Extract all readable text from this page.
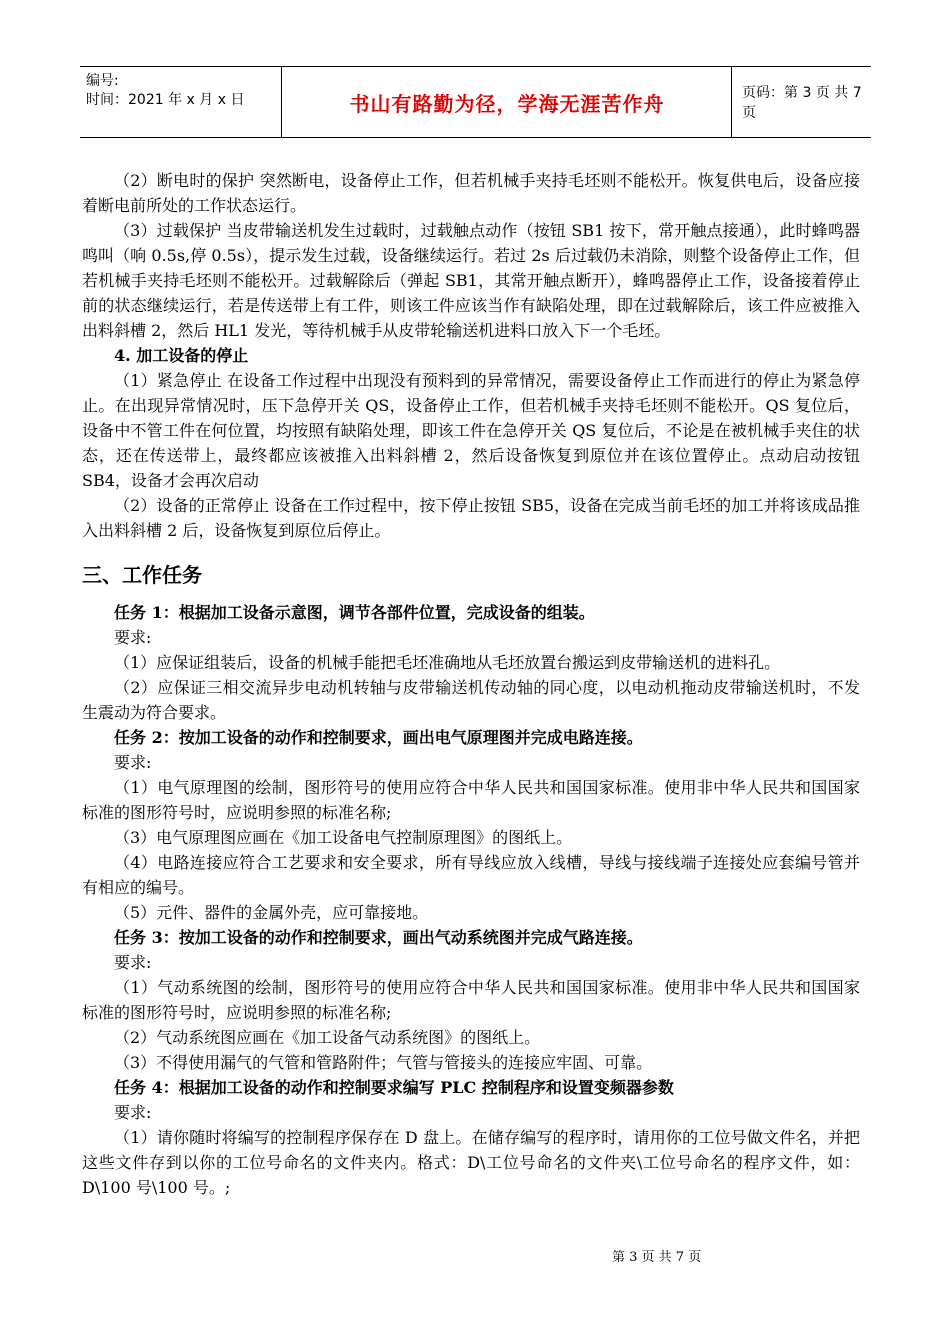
编号:
时间：2021 年 x 月 x 日	书山有路勤为径，学海无涯苦作舟	页码：第 3 页 共 7 页

（2）断电时的保护 突然断电，设备停止工作，但若机械手夹持毛坯则不能松开。恢复供电后，设备应接着断电前所处的工作状态运行。

（3）过载保护 当皮带输送机发生过载时，过载触点动作（按钮 SB1 按下，常开触点接通），此时蜂鸣器鸣叫（响 0.5s,停 0.5s），提示发生过载，设备继续运行。若过 2s 后过载仍未消除，则整个设备停止工作，但若机械手夹持毛坯则不能松开。过载解除后（弹起 SB1，其常开触点断开），蜂鸣器停止工作，设备接着停止前的状态继续运行，若是传送带上有工件，则该工件应该当作有缺陷处理，即在过载解除后，该工件应被推入出料斜槽 2，然后 HL1 发光，等待机械手从皮带轮输送机进料口放入下一个毛坯。

4. 加工设备的停止

（1）紧急停止 在设备工作过程中出现没有预料到的异常情况，需要设备停止工作而进行的停止为紧急停止。在出现异常情况时，压下急停开关 QS，设备停止工作，但若机械手夹持毛坯则不能松开。QS 复位后，设备中不管工件在何位置，均按照有缺陷处理，即该工件在急停开关 QS 复位后，不论是在被机械手夹住的状态，还在传送带上，最终都应该被推入出料斜槽 2，然后设备恢复到原位并在该位置停止。点动启动按钮 SB4，设备才会再次启动

（2）设备的正常停止 设备在工作过程中，按下停止按钮 SB5，设备在完成当前毛坯的加工并将该成品推入出料斜槽 2 后，设备恢复到原位后停止。

三、工作任务

任务 1：根据加工设备示意图，调节各部件位置，完成设备的组装。

要求:

（1）应保证组装后，设备的机械手能把毛坯准确地从毛坯放置台搬运到皮带输送机的进料孔。

（2）应保证三相交流异步电动机转轴与皮带输送机传动轴的同心度，以电动机拖动皮带输送机时，不发生震动为符合要求。

任务 2：按加工设备的动作和控制要求，画出电气原理图并完成电路连接。

要求:

（1）电气原理图的绘制，图形符号的使用应符合中华人民共和国国家标准。使用非中华人民共和国国家标准的图形符号时，应说明参照的标准名称;

（3）电气原理图应画在《加工设备电气控制原理图》的图纸上。

（4）电路连接应符合工艺要求和安全要求，所有导线应放入线槽，导线与接线端子连接处应套编号管并有相应的编号。

（5）元件、器件的金属外壳，应可靠接地。

任务 3：按加工设备的动作和控制要求，画出气动系统图并完成气路连接。

要求:

（1）气动系统图的绘制，图形符号的使用应符合中华人民共和国国家标准。使用非中华人民共和国国家标准的图形符号时，应说明参照的标准名称;

（2）气动系统图应画在《加工设备气动系统图》的图纸上。

（3）不得使用漏气的气管和管路附件；气管与管接头的连接应牢固、可靠。

任务 4：根据加工设备的动作和控制要求编写 PLC 控制程序和设置变频器参数

要求:

（1）请你随时将编写的控制程序保存在 D 盘上。在储存编写的程序时，请用你的工位号做文件名，并把这些文件存到以你的工位号命名的文件夹内。格式：D\工位号命名的文件夹\工位号命名的程序文件，如：D\100 号\100 号。;

第 3 页 共 7 页
